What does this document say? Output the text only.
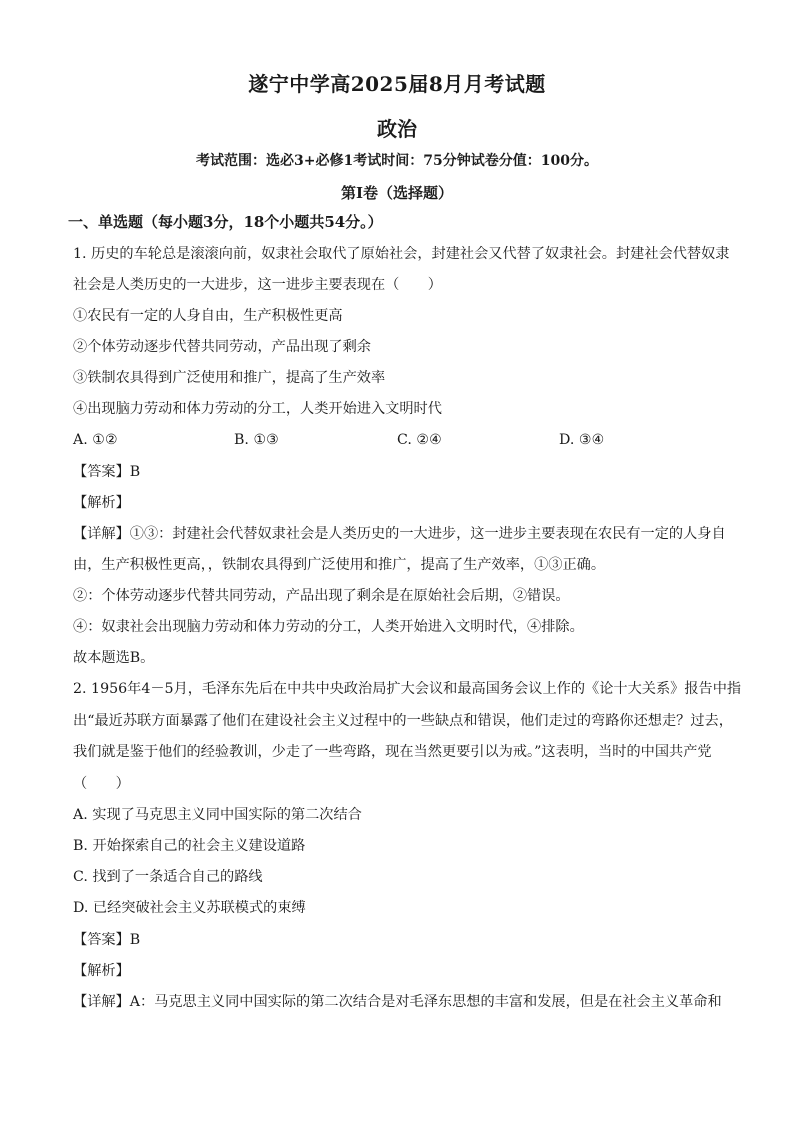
遂宁中学高2025届8月月考试题
政治
考试范围：选必3+必修1考试时间：75分钟试卷分值：100分。
第I卷（选择题）
一、单选题（每小题3分，18个小题共54分。）
1. 历史的车轮总是滚滚向前，奴隶社会取代了原始社会，封建社会又代替了奴隶社会。封建社会代替奴隶
社会是人类历史的一大进步，这一进步主要表现在（　　）
①农民有一定的人身自由，生产积极性更高
②个体劳动逐步代替共同劳动，产品出现了剩余
③铁制农具得到广泛使用和推广，提高了生产效率
④出现脑力劳动和体力劳动的分工，人类开始进入文明时代
A. ①②	B. ①③	C. ②④	D. ③④
【答案】B
【解析】
【详解】①③：封建社会代替奴隶社会是人类历史的一大进步，这一进步主要表现在农民有一定的人身自
由，生产积极性更高，，铁制农具得到广泛使用和推广，提高了生产效率，①③正确。
②：个体劳动逐步代替共同劳动，产品出现了剩余是在原始社会后期，②错误。
④：奴隶社会出现脑力劳动和体力劳动的分工，人类开始进入文明时代，④排除。
故本题选B。
2. 1956年4－5月，毛泽东先后在中共中央政治局扩大会议和最高国务会议上作的《论十大关系》报告中指
出“最近苏联方面暴露了他们在建设社会主义过程中的一些缺点和错误，他们走过的弯路你还想走？过去，
我们就是鉴于他们的经验教训，少走了一些弯路，现在当然更要引以为戒。”这表明，当时的中国共产党
（　　）
A. 实现了马克思主义同中国实际的第二次结合
B. 开始探索自己的社会主义建设道路
C. 找到了一条适合自己的路线
D. 已经突破社会主义苏联模式的束缚
【答案】B
【解析】
【详解】A：马克思主义同中国实际的第二次结合是对毛泽东思想的丰富和发展，但是在社会主义革命和
